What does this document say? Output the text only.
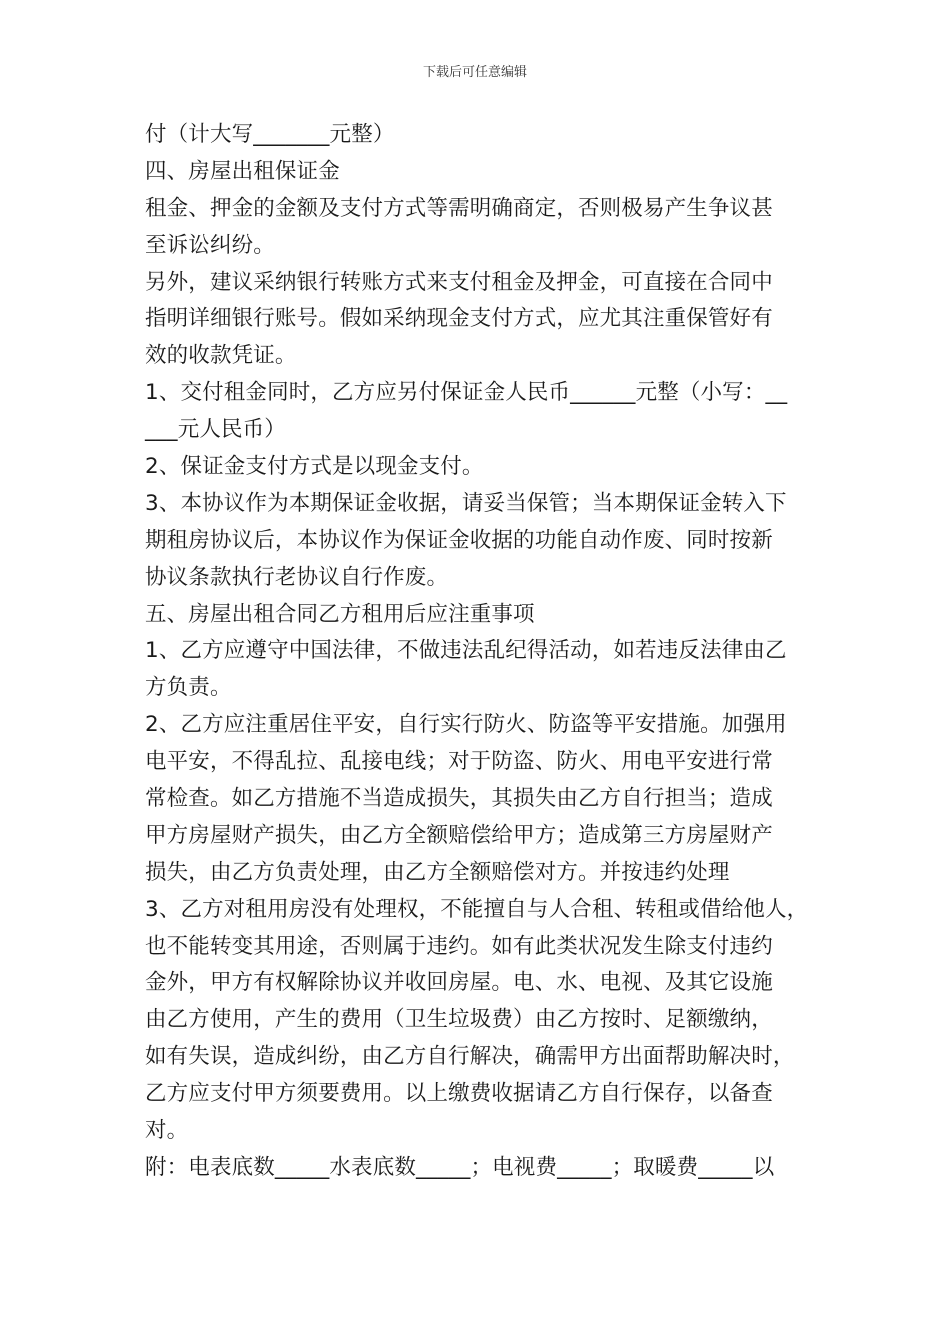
下载后可任意编辑
付（计大写_______元整）
四、房屋出租保证金
租金、押金的金额及支付方式等需明确商定，否则极易产生争议甚
至诉讼纠纷。
另外，建议采纳银行转账方式来支付租金及押金，可直接在合同中
指明详细银行账号。假如采纳现金支付方式，应尤其注重保管好有
效的收款凭证。
1、交付租金同时，乙方应另付保证金人民币______元整（小写：__
___元人民币）
2、保证金支付方式是以现金支付。
3、本协议作为本期保证金收据，请妥当保管；当本期保证金转入下
期租房协议后，本协议作为保证金收据的功能自动作废、同时按新
协议条款执行老协议自行作废。
五、房屋出租合同乙方租用后应注重事项
1、乙方应遵守中国法律，不做违法乱纪得活动，如若违反法律由乙
方负责。
2、乙方应注重居住平安，自行实行防火、防盗等平安措施。加强用
电平安，不得乱拉、乱接电线；对于防盗、防火、用电平安进行常
常检查。如乙方措施不当造成损失，其损失由乙方自行担当；造成
甲方房屋财产损失，由乙方全额赔偿给甲方；造成第三方房屋财产
损失，由乙方负责处理，由乙方全额赔偿对方。并按违约处理
3、乙方对租用房没有处理权，不能擅自与人合租、转租或借给他人，
也不能转变其用途，否则属于违约。如有此类状况发生除支付违约
金外，甲方有权解除协议并收回房屋。电、水、电视、及其它设施
由乙方使用，产生的费用（卫生垃圾费）由乙方按时、足额缴纳，
如有失误，造成纠纷，由乙方自行解决，确需甲方出面帮助解决时，
乙方应支付甲方须要费用。以上缴费收据请乙方自行保存，以备查
对。
附：电表底数_____水表底数_____；电视费_____；取暖费_____以
